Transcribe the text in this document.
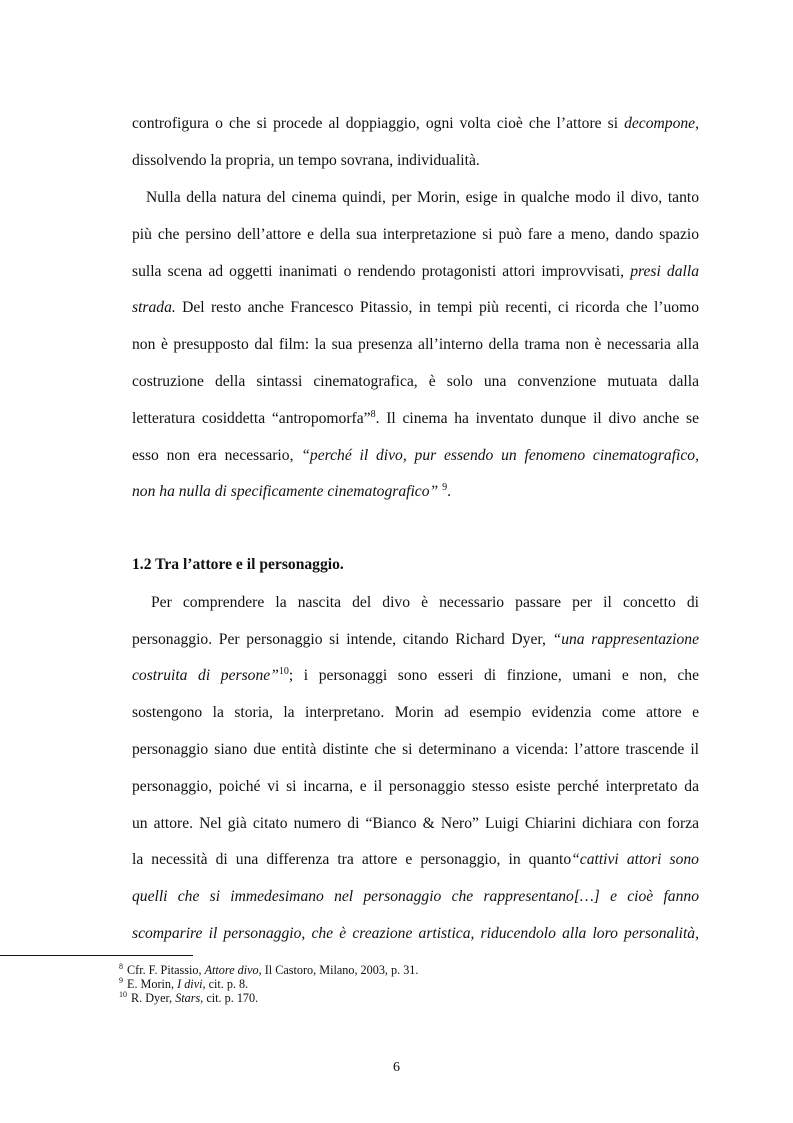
controfigura o che si procede al doppiaggio, ogni volta cioè che l’attore si decompone,
dissolvendo la propria, un tempo sovrana, individualità.
Nulla della natura del cinema quindi, per Morin, esige in qualche modo il divo, tanto
più che persino dell’attore e della sua interpretazione si può fare a meno, dando spazio
sulla scena ad oggetti inanimati o rendendo protagonisti attori improvvisati, presi dalla
strada. Del resto anche Francesco Pitassio, in tempi più recenti, ci ricorda che l’uomo
non è presupposto dal film: la sua presenza all’interno della trama non è necessaria alla
costruzione della sintassi cinematografica, è solo una convenzione mutuata dalla
letteratura cosiddetta “antropomorfa”$^8$. Il cinema ha inventato dunque il divo anche se
esso non era necessario, “perché il divo, pur essendo un fenomeno cinematografico,
non ha nulla di specificamente cinematografico” $^9$.
1.2 Tra l’attore e il personaggio.
Per comprendere la nascita del divo è necessario passare per il concetto di
personaggio. Per personaggio si intende, citando Richard Dyer, “una rappresentazione
costruita di persone”$^{10}$; i personaggi sono esseri di finzione, umani e non, che
sostengono la storia, la interpretano. Morin ad esempio evidenzia come attore e
personaggio siano due entità distinte che si determinano a vicenda: l’attore trascende il
personaggio, poiché vi si incarna, e il personaggio stesso esiste perché interpretato da
un attore. Nel già citato numero di “Bianco & Nero” Luigi Chiarini dichiara con forza
la necessità di una differenza tra attore e personaggio, in quanto“cattivi attori sono
quelli che si immedesimano nel personaggio che rappresentano[…] e cioè fanno
scomparire il personaggio, che è creazione artistica, riducendolo alla loro personalità,
$^8$ Cfr. F. Pitassio, Attore divo, Il Castoro, Milano, 2003, p. 31.
$^9$ E. Morin, I divi, cit. p. 8.
$^{10}$ R. Dyer, Stars, cit. p. 170.
6
